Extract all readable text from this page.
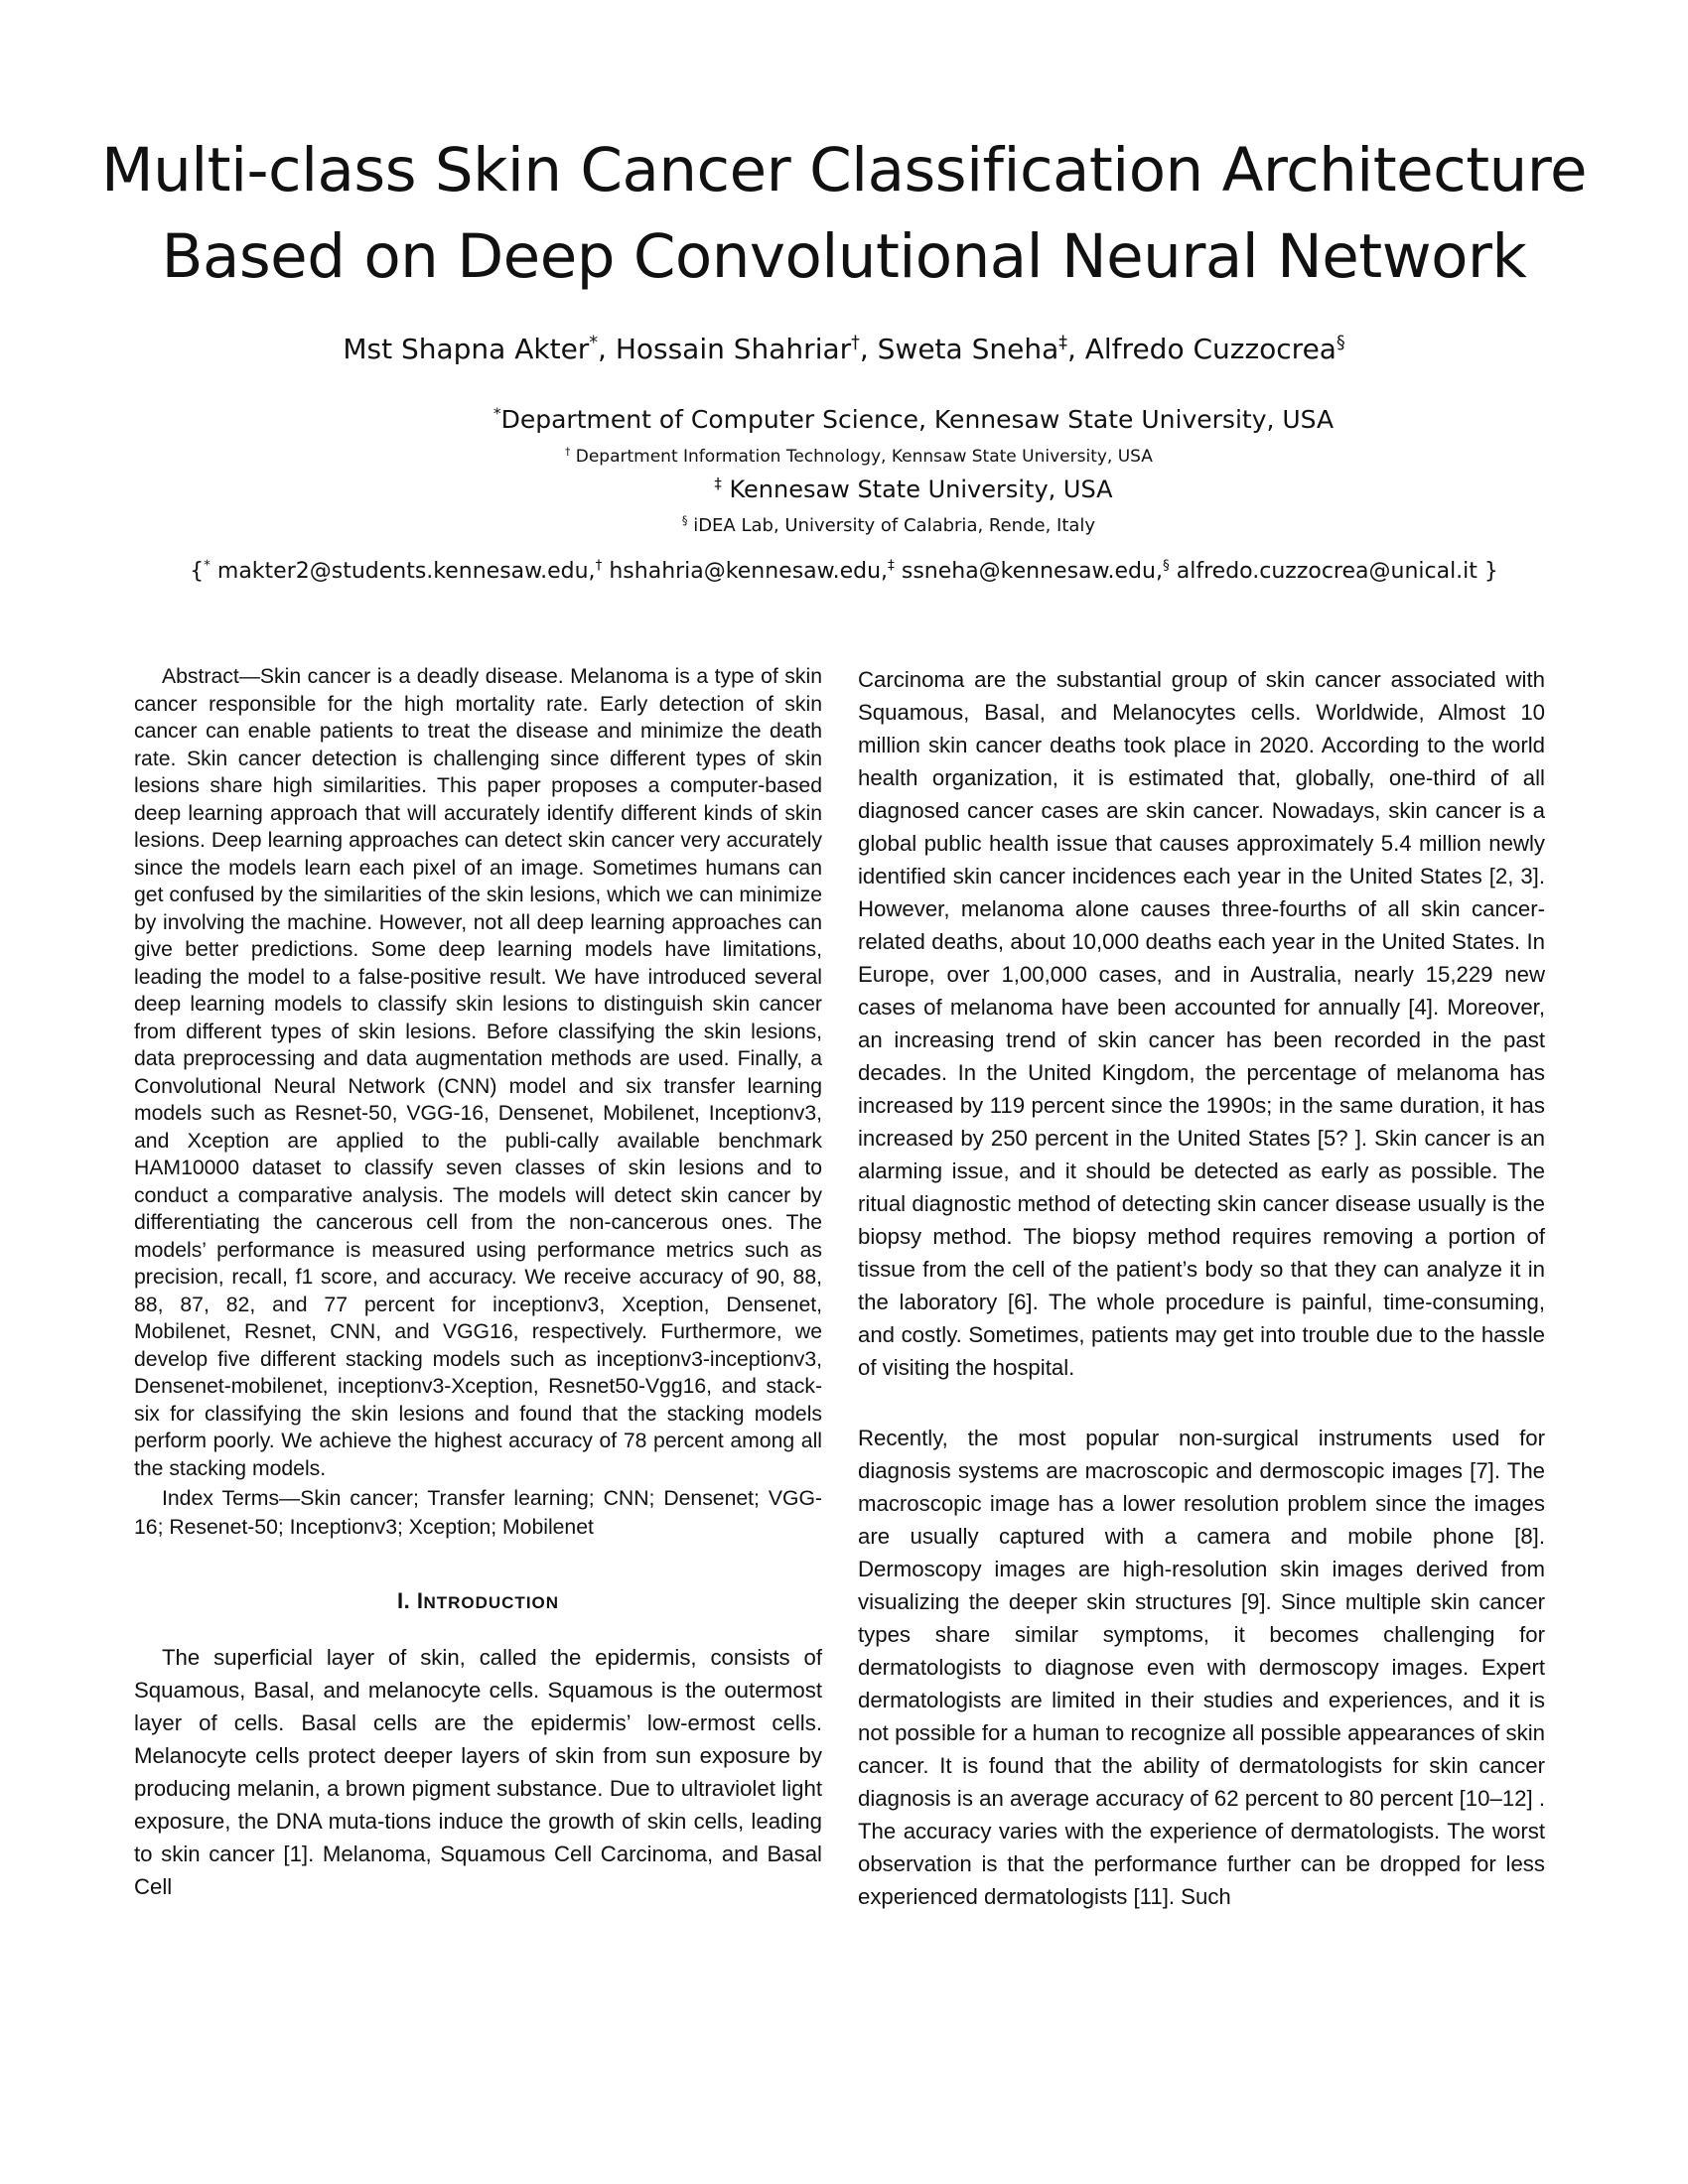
Multi-class Skin Cancer Classification Architecture
Based on Deep Convolutional Neural Network

Mst Shapna Akter*, Hossain Shahriar†, Sweta Sneha‡, Alfredo Cuzzocrea§

*Department of Computer Science, Kennesaw State University, USA

† Department Information Technology, Kennsaw State University, USA

‡ Kennesaw State University, USA

§ iDEA Lab, University of Calabria, Rende, Italy

{* makter2@students.kennesaw.edu,† hshahria@kennesaw.edu,‡ ssneha@kennesaw.edu,§ alfredo.cuzzocrea@unical.it }

Abstract—Skin cancer is a deadly disease. Melanoma is a type of skin cancer responsible for the high mortality rate. Early detection of skin cancer can enable patients to treat the disease and minimize the death rate. Skin cancer detection is challenging since different types of skin lesions share high similarities. This paper proposes a computer-based deep learning approach that will accurately identify different kinds of skin lesions. Deep learning approaches can detect skin cancer very accurately since the models learn each pixel of an image. Sometimes humans can get confused by the similarities of the skin lesions, which we can minimize by involving the machine. However, not all deep learning approaches can give better predictions. Some deep learning models have limitations, leading the model to a false-positive result. We have introduced several deep learning models to classify skin lesions to distinguish skin cancer from different types of skin lesions. Before classifying the skin lesions, data preprocessing and data augmentation methods are used. Finally, a Convolutional Neural Network (CNN) model and six transfer learning models such as Resnet-50, VGG-16, Densenet, Mobilenet, Inceptionv3, and Xception are applied to the publi-cally available benchmark HAM10000 dataset to classify seven classes of skin lesions and to conduct a comparative analysis. The models will detect skin cancer by differentiating the cancerous cell from the non-cancerous ones. The models’ performance is measured using performance metrics such as precision, recall, f1 score, and accuracy. We receive accuracy of 90, 88, 88, 87, 82, and 77 percent for inceptionv3, Xception, Densenet, Mobilenet, Resnet, CNN, and VGG16, respectively. Furthermore, we develop five different stacking models such as inceptionv3-inceptionv3, Densenet-mobilenet, inceptionv3-Xception, Resnet50-Vgg16, and stack-six for classifying the skin lesions and found that the stacking models perform poorly. We achieve the highest accuracy of 78 percent among all the stacking models.

Index Terms—Skin cancer; Transfer learning; CNN; Densenet; VGG-16; Resenet-50; Inceptionv3; Xception; Mobilenet

I. INTRODUCTION

The superficial layer of skin, called the epidermis, consists of Squamous, Basal, and melanocyte cells. Squamous is the outermost layer of cells. Basal cells are the epidermis’ low-ermost cells. Melanocyte cells protect deeper layers of skin from sun exposure by producing melanin, a brown pigment substance. Due to ultraviolet light exposure, the DNA muta-tions induce the growth of skin cells, leading to skin cancer [1]. Melanoma, Squamous Cell Carcinoma, and Basal Cell

Carcinoma are the substantial group of skin cancer associated with Squamous, Basal, and Melanocytes cells. Worldwide, Almost 10 million skin cancer deaths took place in 2020. According to the world health organization, it is estimated that, globally, one-third of all diagnosed cancer cases are skin cancer. Nowadays, skin cancer is a global public health issue that causes approximately 5.4 million newly identified skin cancer incidences each year in the United States [2, 3]. However, melanoma alone causes three-fourths of all skin cancer-related deaths, about 10,000 deaths each year in the United States. In Europe, over 1,00,000 cases, and in Australia, nearly 15,229 new cases of melanoma have been accounted for annually [4]. Moreover, an increasing trend of skin cancer has been recorded in the past decades. In the United Kingdom, the percentage of melanoma has increased by 119 percent since the 1990s; in the same duration, it has increased by 250 percent in the United States [5? ]. Skin cancer is an alarming issue, and it should be detected as early as possible. The ritual diagnostic method of detecting skin cancer disease usually is the biopsy method. The biopsy method requires removing a portion of tissue from the cell of the patient’s body so that they can analyze it in the laboratory [6]. The whole procedure is painful, time-consuming, and costly. Sometimes, patients may get into trouble due to the hassle of visiting the hospital.

Recently, the most popular non-surgical instruments used for diagnosis systems are macroscopic and dermoscopic images [7]. The macroscopic image has a lower resolution problem since the images are usually captured with a camera and mobile phone [8]. Dermoscopy images are high-resolution skin images derived from visualizing the deeper skin structures [9]. Since multiple skin cancer types share similar symptoms, it becomes challenging for dermatologists to diagnose even with dermoscopy images. Expert dermatologists are limited in their studies and experiences, and it is not possible for a human to recognize all possible appearances of skin cancer. It is found that the ability of dermatologists for skin cancer diagnosis is an average accuracy of 62 percent to 80 percent [10–12] . The accuracy varies with the experience of dermatologists. The worst observation is that the performance further can be dropped for less experienced dermatologists [11]. Such
